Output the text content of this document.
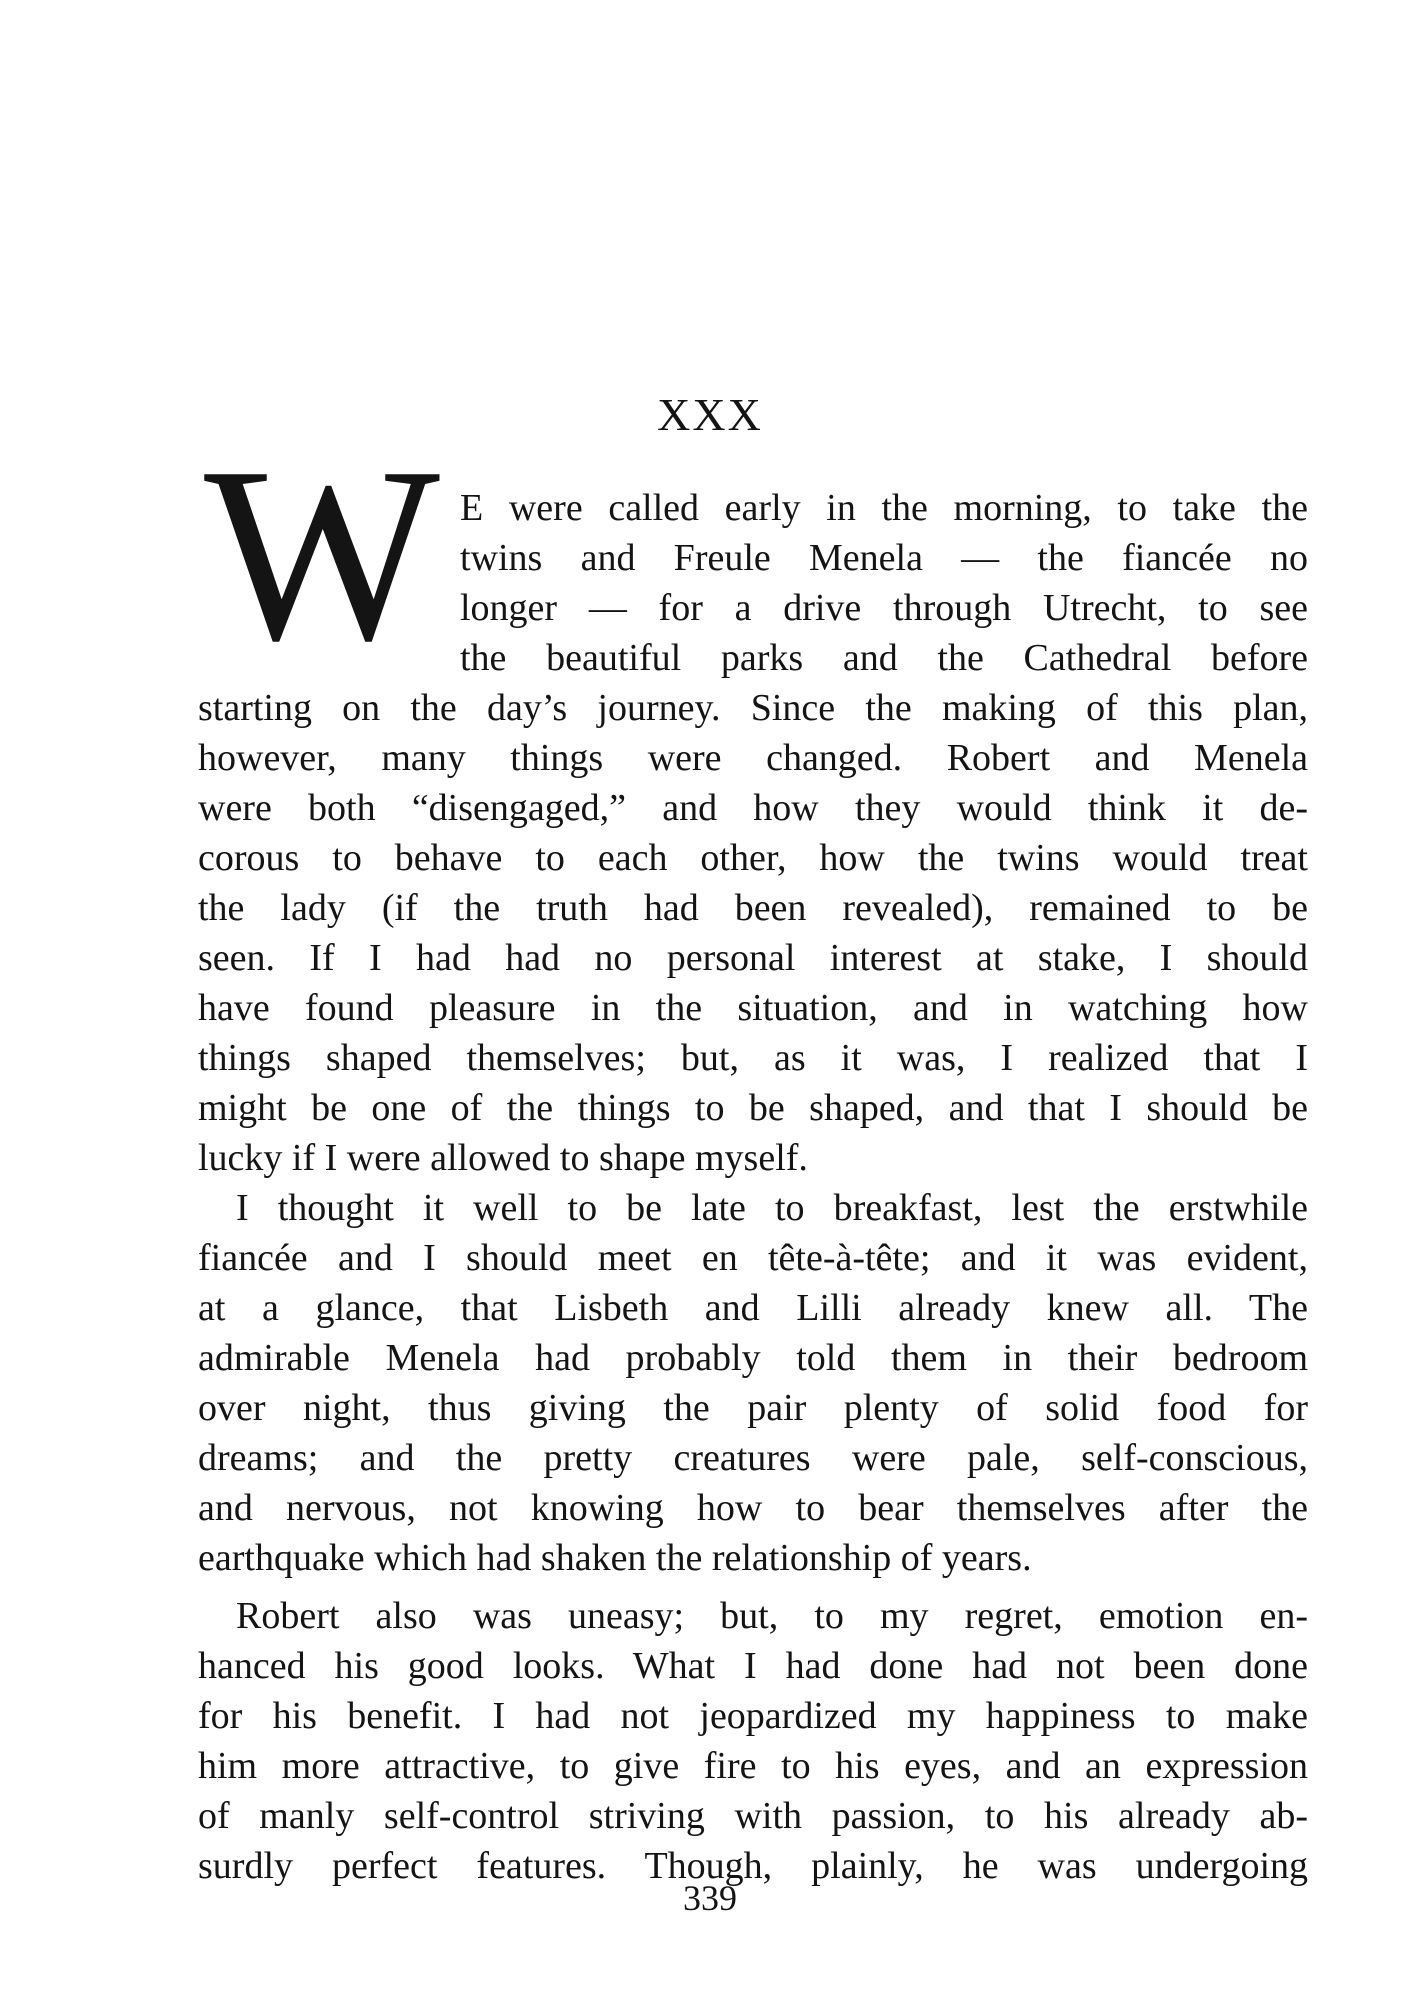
XXX
W E were called early in the morning, to take the
twins and Freule Menela — the fiancée no
longer — for a drive through Utrecht, to see
the beautiful parks and the Cathedral before
starting on the day’s journey. Since the making of this plan,
however, many things were changed. Robert and Menela
were both “disengaged,” and how they would think it de-
corous to behave to each other, how the twins would treat
the lady (if the truth had been revealed), remained to be
seen. If I had had no personal interest at stake, I should
have found pleasure in the situation, and in watching how
things shaped themselves; but, as it was, I realized that I
might be one of the things to be shaped, and that I should be
lucky if I were allowed to shape myself.
I thought it well to be late to breakfast, lest the erstwhile
fiancée and I should meet en tête-à-tête; and it was evident,
at a glance, that Lisbeth and Lilli already knew all. The
admirable Menela had probably told them in their bedroom
over night, thus giving the pair plenty of solid food for
dreams; and the pretty creatures were pale, self-conscious,
and nervous, not knowing how to bear themselves after the
earthquake which had shaken the relationship of years.
Robert also was uneasy; but, to my regret, emotion en-
hanced his good looks. What I had done had not been done
for his benefit. I had not jeopardized my happiness to make
him more attractive, to give fire to his eyes, and an expression
of manly self-control striving with passion, to his already ab-
surdly perfect features. Though, plainly, he was undergoing
339
